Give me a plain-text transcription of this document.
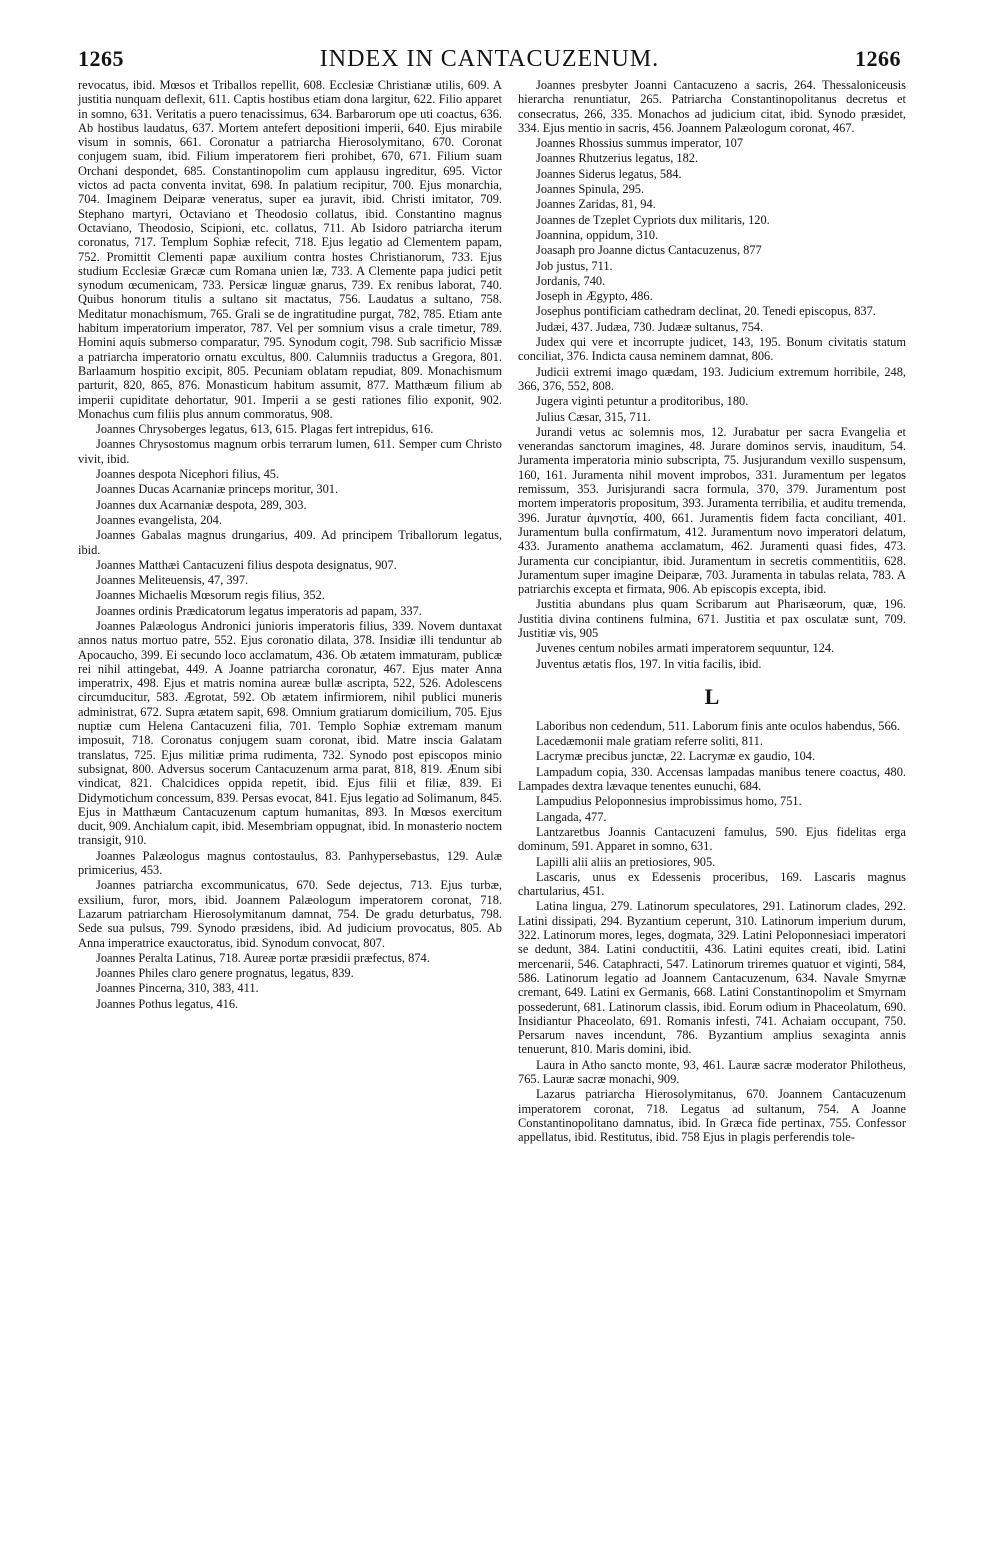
1265	INDEX IN CANTACUZENUM.	1266

revocatus, ibid. Mœsos et Triballos repellit, 608. Ecclesiæ Christianæ utilis, 609. A justitia nunquam deflexit, 611. Captis hostibus etiam dona largitur, 622. Filio apparet in somno, 631. Veritatis a puero tenacissimus, 634. Barbarorum ope uti coactus, 636. Ab hostibus laudatus, 637. Mortem antefert depositioni imperii, 640. Ejus mirabile visum in somnis, 661. Coronatur a patriarcha Hierosolymitano, 670. Coronat conjugem suam, ibid. Filium imperatorem fieri prohibet, 670, 671. Filium suam Orchani despondet, 685. Constantinopolim cum applausu ingreditur, 695. Victor victos ad pacta conventa invitat, 698. In palatium recipitur, 700. Ejus monarchia, 704. Imaginem Deiparæ veneratus, super ea juravit, ibid. Christi imitator, 709. Stephano martyri, Octaviano et Theodosio collatus, ibid. Constantino magnus Octaviano, Theodosio, Scipioni, etc. collatus, 711. Ab Isidoro patriarcha iterum coronatus, 717. Templum Sophiæ refecit, 718. Ejus legatio ad Clementem papam, 752. Promittit Clementi papæ auxilium contra hostes Christianorum, 733. Ejus studium Ecclesiæ Græcæ cum Romana unien læ, 733. A Clemente papa judici petit synodum œcumenicam, 733. Persicæ linguæ gnarus, 739. Ex renibus laborat, 740. Quibus honorum titulis a sultano sit mactatus, 756. Laudatus a sultano, 758. Meditatur monachismum, 765. Grali se de ingratitudine purgat, 782, 785. Etiam ante habitum imperatorium imperator, 787. Vel per somnium visus a crale timetur, 789. Homini aquis submerso comparatur, 795. Synodum cogit, 798. Sub sacrificio Missæ a patriarcha imperatorio ornatu excultus, 800. Calumniis traductus a Gregora, 801. Barlaamum hospitio excipit, 805. Pecuniam oblatam repudiat, 809. Monachismum parturit, 820, 865, 876. Monasticum habitum assumit, 877. Matthæum filium ab imperii cupiditate dehortatur, 901. Imperii a se gesti rationes filio exponit, 902. Monachus cum filiis plus annum commoratus, 908.

Joannes Chrysoberges legatus, 613, 615. Plagas fert intrepidus, 616.

Joannes Chrysostomus magnum orbis terrarum lumen, 611. Semper cum Christo vivit, ibid.

Joannes despota Nicephori filius, 45.

Joannes Ducas Acarnaniæ princeps moritur, 301.

Joannes dux Acarnaniæ despota, 289, 303.

Joannes evangelista, 204.

Joannes Gabalas magnus drungarius, 409. Ad principem Triballorum legatus, ibid.

Joannes Matthæi Cantacuzeni filius despota designatus, 907.

Joannes Meliteuensis, 47, 397.

Joannes Michaelis Mœsorum regis filius, 352.

Joannes ordinis Prædicatorum legatus imperatoris ad papam, 337.

Joannes Palæologus Andronici junioris imperatoris filius, 339. Novem duntaxat annos natus mortuo patre, 552. Ejus coronatio dilata, 378. Insidiæ illi tenduntur ab Apocaucho, 399. Ei secundo loco acclamatum, 436. Ob ætatem immaturam, publicæ rei nihil attingebat, 449. A Joanne patriarcha coronatur, 467. Ejus mater Anna imperatrix, 498. Ejus et matris nomina aureæ bullæ ascripta, 522, 526. Adolescens circumducitur, 583. Ægrotat, 592. Ob ætatem infirmiorem, nihil publici muneris administrat, 672. Supra ætatem sapit, 698. Omnium gratiarum domicilium, 705. Ejus nuptiæ cum Helena Cantacuzeni filia, 701. Templo Sophiæ extremam manum imposuit, 718. Coronatus conjugem suam coronat, ibid. Matre inscia Galatam translatus, 725. Ejus militiæ prima rudimenta, 732. Synodo post episcopos minio subsignat, 800. Adversus socerum Cantacuzenum arma parat, 818, 819. Ænum sibi vindicat, 821. Chalcidices oppida repetit, ibid. Ejus filii et filiæ, 839. Ei Didymotichum concessum, 839. Persas evocat, 841. Ejus legatio ad Solimanum, 845. Ejus in Matthæum Cantacuzenum captum humanitas, 893. In Mœsos exercitum ducit, 909. Anchialum capit, ibid. Mesembriam oppugnat, ibid. In monasterio noctem transigit, 910.

Joannes Palæologus magnus contostaulus, 83. Panhypersebastus, 129. Aulæ primicerius, 453.

Joannes patriarcha excommunicatus, 670. Sede dejectus, 713. Ejus turbæ, exsilium, furor, mors, ibid. Joannem Palæologum imperatorem coronat, 718. Lazarum patriarcham Hierosolymitanum damnat, 754. De gradu deturbatus, 798. Sede sua pulsus, 799. Synodo præsidens, ibid. Ad judicium provocatus, 805. Ab Anna imperatrice exauctoratus, ibid. Synodum convocat, 807.

Joannes Peralta Latinus, 718. Aureæ portæ præsidii præfectus, 874.

Joannes Philes claro genere prognatus, legatus, 839.

Joannes Pincerna, 310, 383, 411.

Joannes Pothus legatus, 416.

Joannes presbyter Joanni Cantacuzeno a sacris, 264. Thessaloniceusis hierarcha renuntiatur, 265. Patriarcha Constantinopolitanus decretus et consecratus, 266, 335. Monachos ad judicium citat, ibid. Synodo præsidet, 334. Ejus mentio in sacris, 456. Joannem Palæologum coronat, 467.

Joannes Rhossius summus imperator, 107

Joannes Rhutzerius legatus, 182.

Joannes Siderus legatus, 584.

Joannes Spinula, 295.

Joannes Zaridas, 81, 94.

Joannes de Tzeplet Cypriots dux militaris, 120.

Joannina, oppidum, 310.

Joasaph pro Joanne dictus Cantacuzenus, 877

Job justus, 711.

Jordanis, 740.

Joseph in Ægypto, 486.

Josephus pontificiam cathedram declinat, 20. Tenedi episcopus, 837.

Judæi, 437. Judæa, 730. Judææ sultanus, 754.

Judex qui vere et incorrupte judicet, 143, 195. Bonum civitatis statum conciliat, 376. Indicta causa neminem damnat, 806.

Judicii extremi imago quædam, 193. Judicium extremum horribile, 248, 366, 376, 552, 808.

Jugera viginti petuntur a proditoribus, 180.

Julius Cæsar, 315, 711.

Jurandi vetus ac solemnis mos, 12. Jurabatur per sacra Evangelia et venerandas sanctorum imagines, 48. Jurare dominos servis, inauditum, 54. Juramenta imperatoria minio subscripta, 75. Jusjurandum vexillo suspensum, 160, 161. Juramenta nihil movent improbos, 331. Juramentum per legatos remissum, 353. Jurisjurandi sacra formula, 370, 379. Juramentum post mortem imperatoris propositum, 393. Juramenta terribilia, et auditu tremenda, 396. Juratur ἀμνηστία, 400, 661. Juramentis fidem facta conciliant, 401. Juramentum bulla confirmatum, 412. Juramentum novo imperatori delatum, 433. Juramento anathema acclamatum, 462. Juramenti quasi fides, 473. Juramenta cur concipiantur, ibid. Juramentum in secretis commentitiis, 628. Juramentum super imagine Deiparæ, 703. Juramenta in tabulas relata, 783. A patriarchis excepta et firmata, 906. Ab episcopis excepta, ibid.

Justitia abundans plus quam Scribarum aut Pharisæorum, quæ, 196. Justitia divina continens fulmina, 671. Justitia et pax osculatæ sunt, 709. Justitiæ vis, 905

Juvenes centum nobiles armati imperatorem sequuntur, 124.

Juventus ætatis flos, 197. In vitia facilis, ibid.

L

Laboribus non cedendum, 511. Laborum finis ante oculos habendus, 566.

Lacedæmonii male gratiam referre soliti, 811.

Lacrymæ precibus junctæ, 22. Lacrymæ ex gaudio, 104.

Lampadum copia, 330. Accensas lampadas manibus tenere coactus, 480. Lampades dextra lævaque tenentes eunuchi, 684.

Lampudius Peloponnesius improbissimus homo, 751.

Langada, 477.

Lantzaretbus Joannis Cantacuzeni famulus, 590. Ejus fidelitas erga dominum, 591. Apparet in somno, 631.

Lapilli alii aliis an pretiosiores, 905.

Lascaris, unus ex Edessenis proceribus, 169. Lascaris magnus chartularius, 451.

Latina lingua, 279. Latinorum speculatores, 291. Latinorum clades, 292. Latini dissipati, 294. Byzantium ceperunt, 310. Latinorum imperium durum, 322. Latinorum mores, leges, dogmata, 329. Latini Peloponnesiaci imperatori se dedunt, 384. Latini conductitii, 436. Latini equites creati, ibid. Latini mercenarii, 546. Cataphracti, 547. Latinorum triremes quatuor et viginti, 584, 586. Latinorum legatio ad Joannem Cantacuzenum, 634. Navale Smyrnæ cremant, 649. Latini ex Germanis, 668. Latini Constantinopolim et Smyrnam possederunt, 681. Latinorum classis, ibid. Eorum odium in Phaceolatum, 690. Insidiantur Phaceolato, 691. Romanis infesti, 741. Achaiam occupant, 750. Persarum naves incendunt, 786. Byzantium amplius sexaginta annis tenuerunt, 810. Maris domini, ibid.

Laura in Atho sancto monte, 93, 461. Lauræ sacræ moderator Philotheus, 765. Lauræ sacræ monachi, 909.

Lazarus patriarcha Hierosolymitanus, 670. Joannem Cantacuzenum imperatorem coronat, 718. Legatus ad sultanum, 754. A Joanne Constantinopolitano damnatus, ibid. In Græca fide pertinax, 755. Confessor appellatus, ibid. Restitutus, ibid. 758 Ejus in plagis perferendis tole-
